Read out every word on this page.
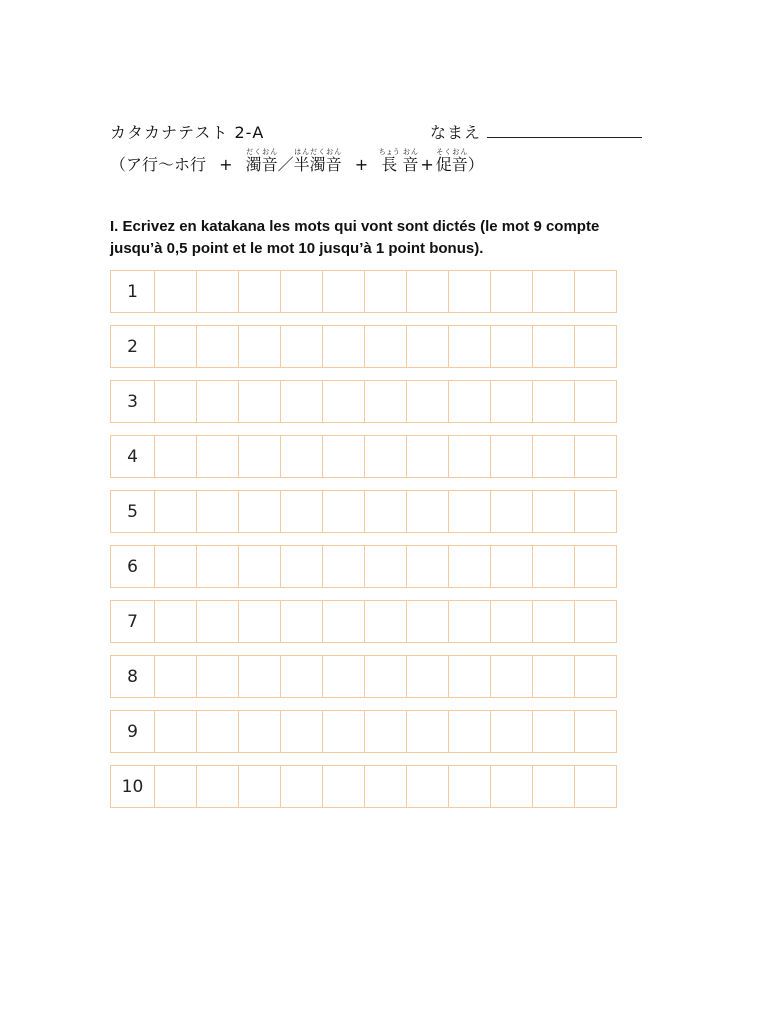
カタカナテスト 2-A	なまえ
（ア行～ホ行 + 濁音だくおん／半濁音はんだくおん + 長ちょう 音おん+ 促音そくおん）
I. Ecrivez en katakana les mots qui vont sont dictés (le mot 9 compte jusqu’à 0,5 point et le mot 10 jusqu’à 1 point bonus).
1
2
3
4
5
6
7
8
9
10
